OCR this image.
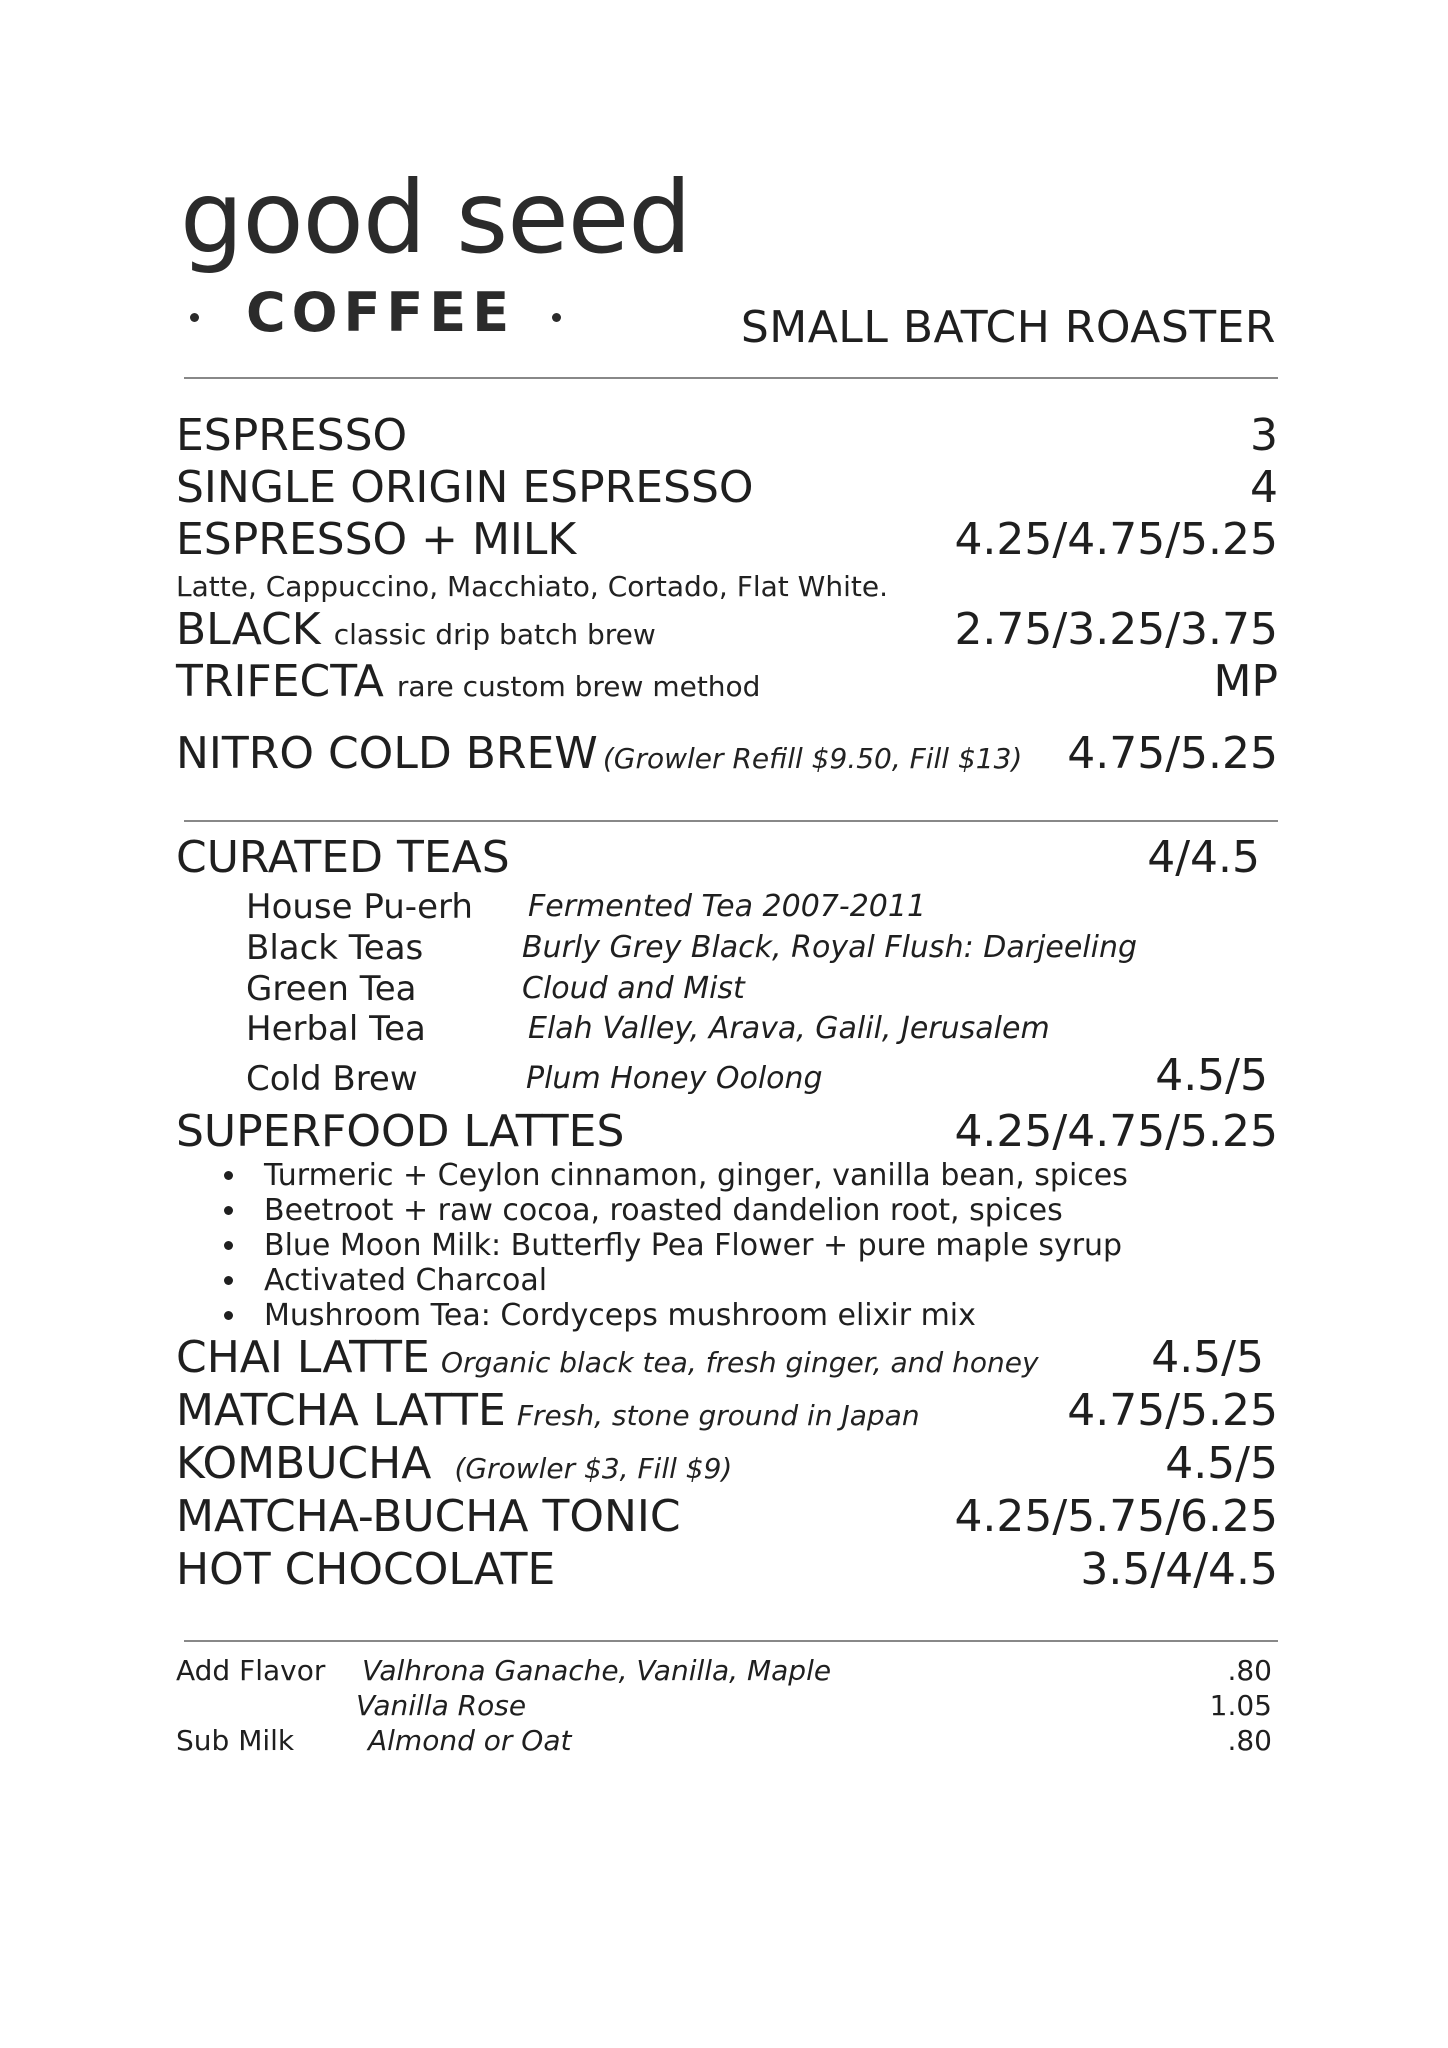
good seed
COFFEE	SMALL BATCH ROASTER
ESPRESSO	3
SINGLE ORIGIN ESPRESSO	4
ESPRESSO + MILK	4.25/4.75/5.25
Latte, Cappuccino, Macchiato, Cortado, Flat White.
BLACK classic drip batch brew	2.75/3.25/3.75
TRIFECTA rare custom brew method	MP
NITRO COLD BREW (Growler Refill $9.50, Fill $13) 4.75/5.25
CURATED TEAS	4/4.5
House Pu-erh Fermented Tea 2007-2011
Black Teas	Burly Grey Black, Royal Flush: Darjeeling
Green Tea	Cloud and Mist
Herbal Tea	Elah Valley, Arava, Galil, Jerusalem
Cold Brew	Plum Honey Oolong	4.5/5
SUPERFOOD LATTES	4.25/4.75/5.25
Turmeric + Ceylon cinnamon, ginger, vanilla bean, spices
Beetroot + raw cocoa, roasted dandelion root, spices
Blue Moon Milk: Butterfly Pea Flower + pure maple syrup
Activated Charcoal
Mushroom Tea: Cordyceps mushroom elixir mix
CHAI LATTE Organic black tea, fresh ginger, and honey	4.5/5
MATCHA LATTE Fresh, stone ground in Japan	4.75/5.25
KOMBUCHA (Growler $3, Fill $9)	4.5/5
MATCHA-BUCHA TONIC	4.25/5.75/6.25
HOT CHOCOLATE	3.5/4/4.5
Add Flavor Valhrona Ganache, Vanilla, Maple	.80
Vanilla Rose	1.05
Sub Milk	Almond or Oat	.80
